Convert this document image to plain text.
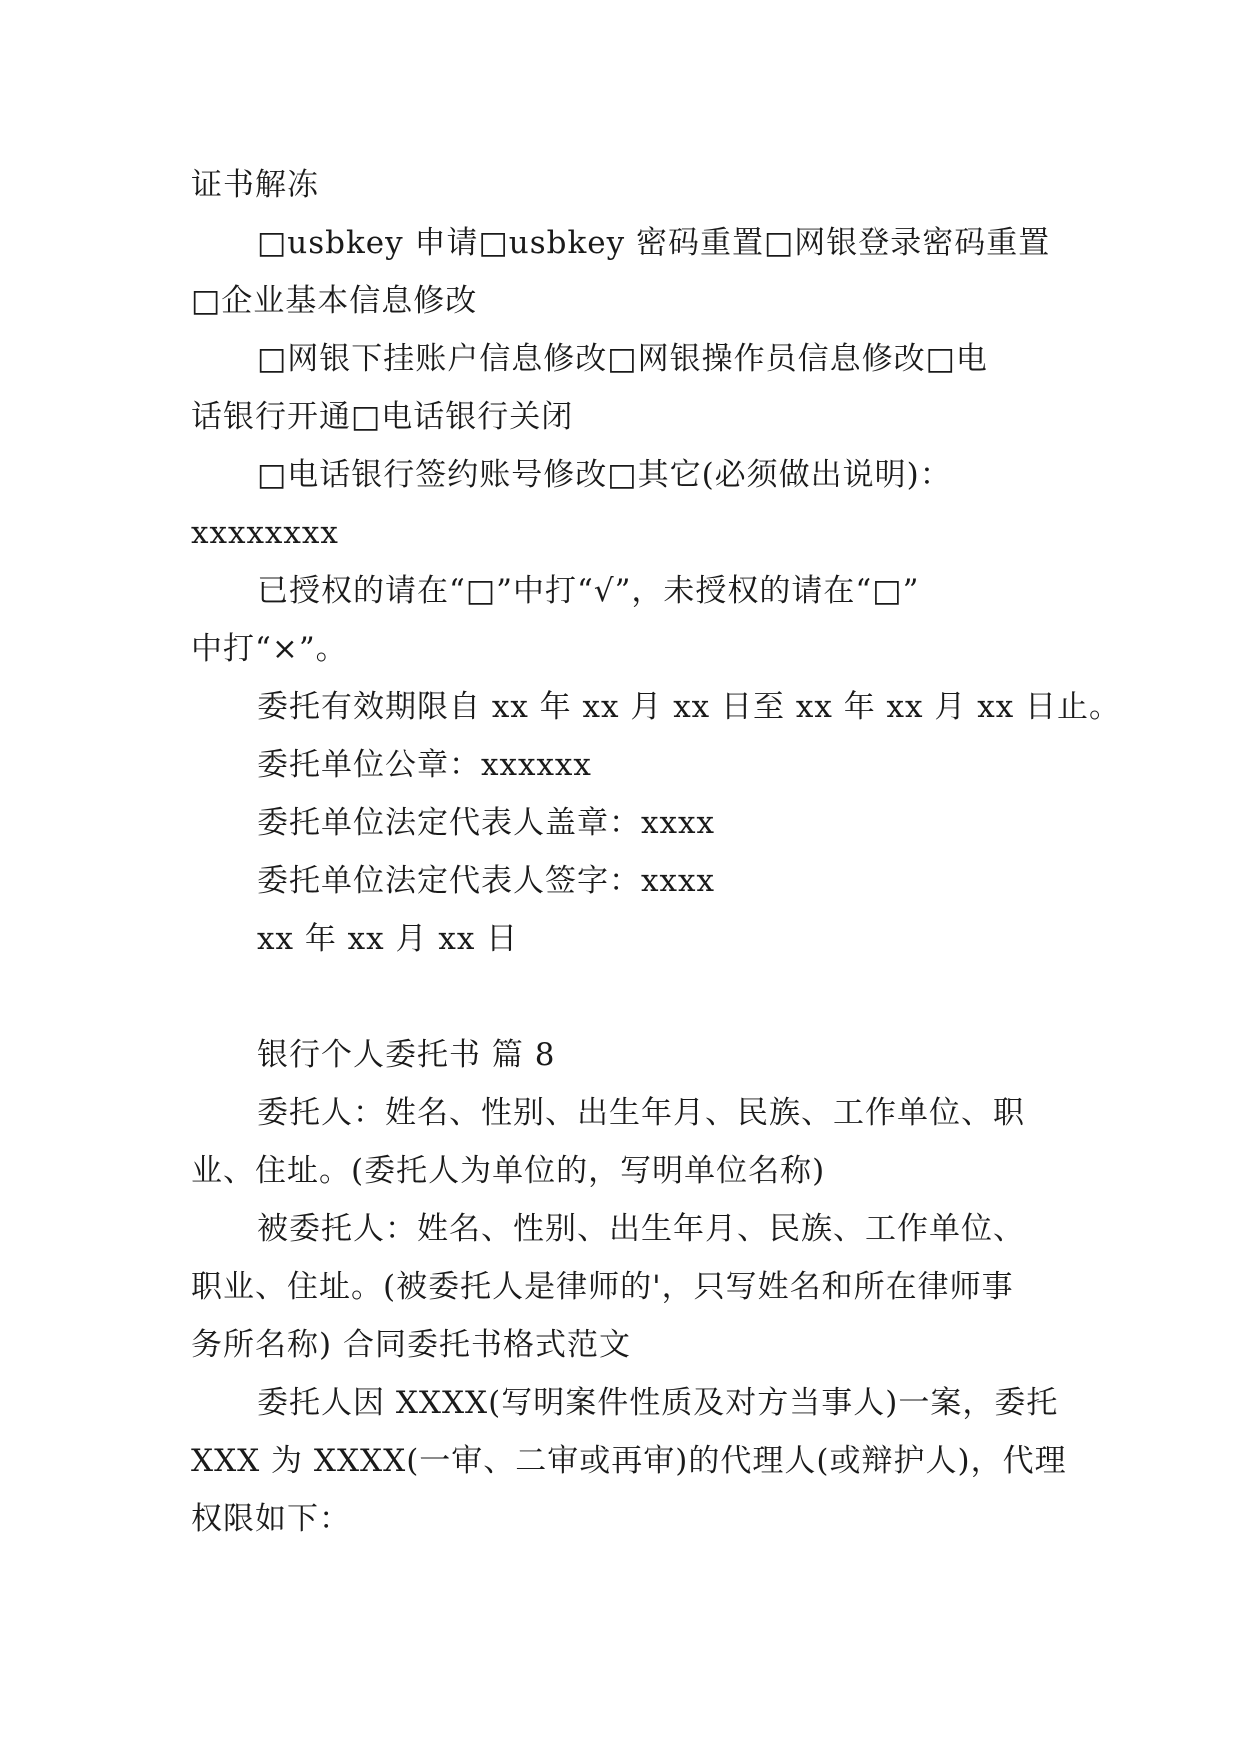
证书解冻
□usbkey 申请□usbkey 密码重置□网银登录密码重置
□企业基本信息修改
□网银下挂账户信息修改□网银操作员信息修改□电
话银行开通□电话银行关闭
□电话银行签约账号修改□其它(必须做出说明)：
xxxxxxxx
已授权的请在“□”中打“√”，未授权的请在“□”
中打“×”。
委托有效期限自 xx 年 xx 月 xx 日至 xx 年 xx 月 xx 日止。
委托单位公章：xxxxxx
委托单位法定代表人盖章：xxxx
委托单位法定代表人签字：xxxx
xx 年 xx 月 xx 日
银行个人委托书 篇 8
委托人：姓名、性别、出生年月、民族、工作单位、职
业、住址。(委托人为单位的，写明单位名称)
被委托人：姓名、性别、出生年月、民族、工作单位、
职业、住址。(被委托人是律师的'，只写姓名和所在律师事
务所名称) 合同委托书格式范文
委托人因 XXXX(写明案件性质及对方当事人)一案，委托
XXX 为 XXXX(一审、二审或再审)的代理人(或辩护人)，代理
权限如下：
